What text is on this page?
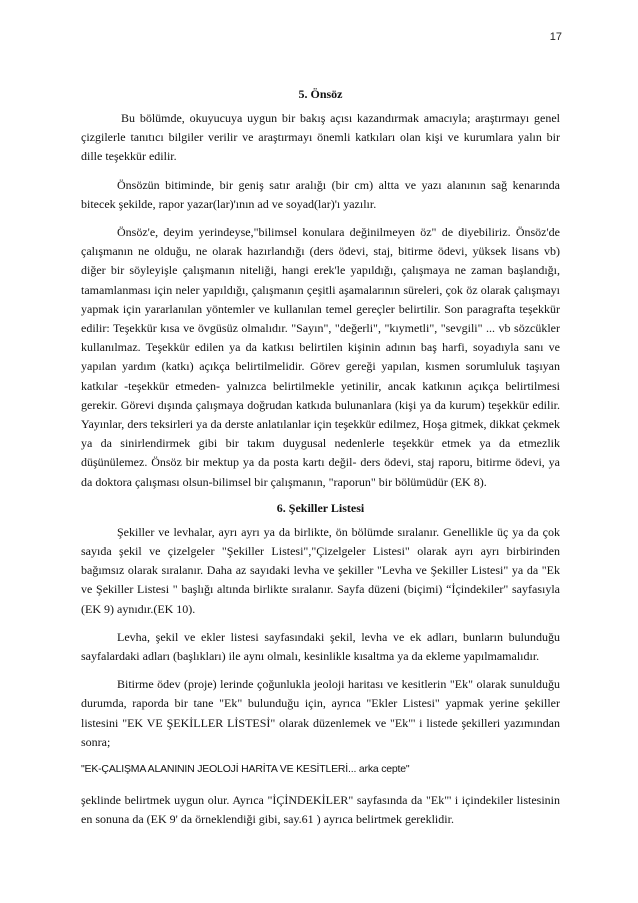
17
5. Önsöz

Bu bölümde, okuyucuya uygun bir bakış açısı kazandırmak amacıyla; araştırmayı genel çizgilerle tanıtıcı bilgiler verilir ve araştırmayı önemli katkıları olan kişi ve kurumlara yalın bir dille teşekkür edilir.

Önsözün bitiminde, bir geniş satır aralığı (bir cm) altta ve yazı alanının sağ kenarında bitecek şekilde, rapor yazar(lar)'ının ad ve soyad(lar)'ı yazılır.

Önsöz'e, deyim yerindeyse,"bilimsel konulara değinilmeyen öz" de diyebiliriz. Önsöz'de çalışmanın ne olduğu, ne olarak hazırlandığı (ders ödevi, staj, bitirme ödevi, yüksek lisans vb) diğer bir söyleyişle çalışmanın niteliği, hangi erek'le yapıldığı, çalışmaya ne zaman başlandığı, tamamlanması için neler yapıldığı, çalışmanın çeşitli aşamalarının süreleri, çok öz olarak çalışmayı yapmak için yararlanılan yöntemler ve kullanılan temel gereçler belirtilir. Son paragrafta teşekkür edilir: Teşekkür kısa ve övgüsüz olmalıdır. "Sayın", "değerli", "kıymetli", "sevgili" ... vb sözcükler kullanılmaz. Teşekkür edilen ya da katkısı belirtilen kişinin adının baş harfi, soyadıyla sanı ve yapılan yardım (katkı) açıkça belirtilmelidir. Görev gereği yapılan, kısmen sorumluluk taşıyan katkılar -teşekkür etmeden- yalnızca belirtilmekle yetinilir, ancak katkının açıkça belirtilmesi gerekir. Görevi dışında çalışmaya doğrudan katkıda bulunanlara (kişi ya da kurum) teşekkür edilir. Yayınlar, ders teksirleri ya da derste anlatılanlar için teşekkür edilmez, Hoşa gitmek, dikkat çekmek ya da sinirlendirmek gibi bir takım duygusal nedenlerle teşekkür etmek ya da etmezlik düşünülemez. Önsöz bir mektup ya da posta kartı değil- ders ödevi, staj raporu, bitirme ödevi, ya da doktora çalışması olsun-bilimsel bir çalışmanın, "raporun" bir bölümüdür (EK 8).

6. Şekiller Listesi

Şekiller ve levhalar, ayrı ayrı ya da birlikte, ön bölümde sıralanır. Genellikle üç ya da çok sayıda şekil ve çizelgeler "Şekiller Listesi","Çizelgeler Listesi" olarak ayrı ayrı birbirinden bağımsız olarak sıralanır. Daha az sayıdaki levha ve şekiller "Levha ve Şekiller Listesi" ya da "Ek ve Şekiller Listesi " başlığı altında birlikte sıralanır. Sayfa düzeni (biçimi) “İçindekiler" sayfasıyla (EK 9) aynıdır.(EK 10).

Levha, şekil ve ekler listesi sayfasındaki şekil, levha ve ek adları, bunların bulunduğu sayfalardaki adları (başlıkları) ile aynı olmalı, kesinlikle kısaltma ya da ekleme yapılmamalıdır.

Bitirme ödev (proje) lerinde çoğunlukla jeoloji haritası ve kesitlerin "Ek" olarak sunulduğu durumda, raporda bir tane "Ek" bulunduğu için, ayrıca "Ekler Listesi" yapmak yerine şekiller listesini "EK VE ŞEKİLLER LİSTESİ" olarak düzenlemek ve "Ek"' i listede şekilleri yazımından sonra;

"EK-ÇALIŞMA ALANININ JEOLOJİ HARİTA VE KESİTLERİ... arka cepte"

şeklinde belirtmek uygun olur. Ayrıca "İÇİNDEKİLER" sayfasında da "Ek"' i içindekiler listesinin en sonuna da (EK 9' da örneklendiği gibi, say.61 ) ayrıca belirtmek gereklidir.
